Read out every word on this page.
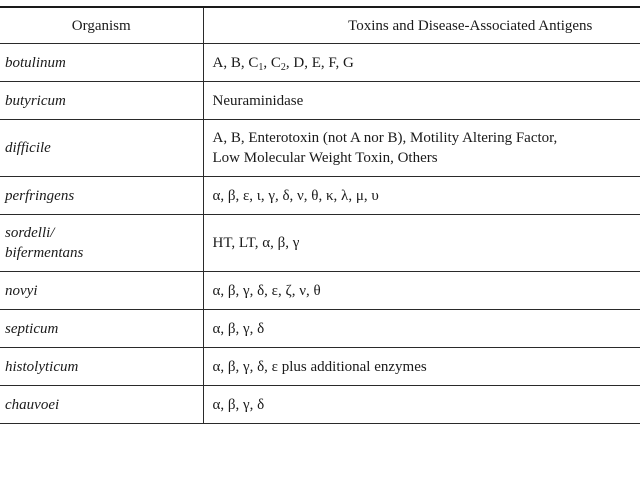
Organism	Toxins and Disease-Associated Antigens
botulinum	A, B, $C_1$, $C_2$, D, E, F, G
butyricum	Neuraminidase
difficile	A, B, Enterotoxin (not A nor B), Motility Altering Factor,
Low Molecular Weight Toxin, Others

perfringens	α, β, ε, ι, γ, δ, ν, θ, κ, λ, μ, υ

sordelli/
bifermentans	HT, LT, α, β, γ
novyi	α, β, γ, δ, ε, ζ, ν, θ
septicum	α, β, γ, δ
histolyticum	α, β, γ, δ, ε plus additional enzymes
chauvoei	α, β, γ, δ
